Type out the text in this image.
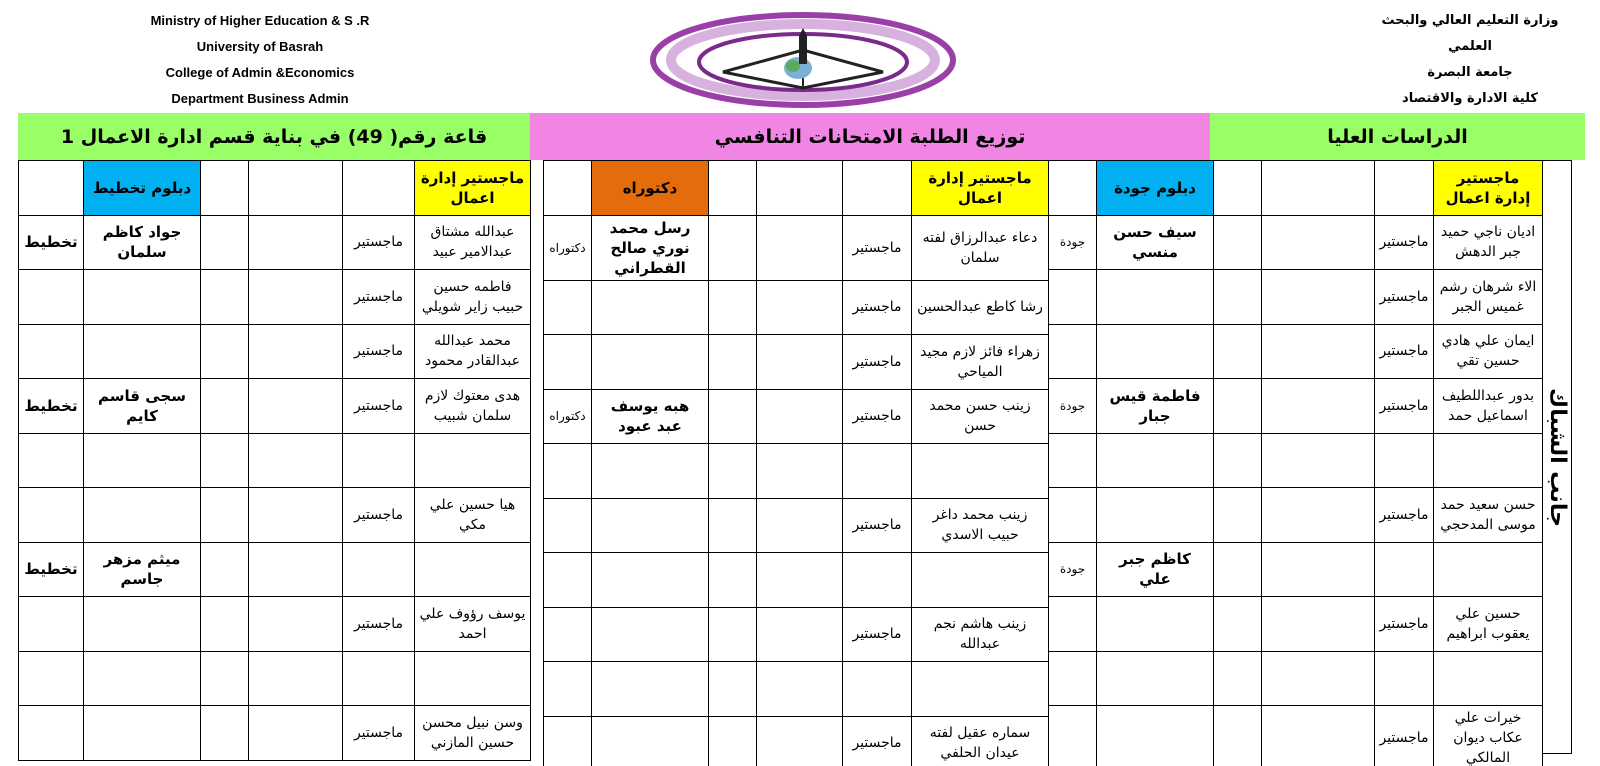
Ministry of Higher Education & S .R
University of Basrah
College of Admin &Economics
Department Business Admin
وزارة التعليم العالي والبحث العلمي
جامعة البصرة
كلية الادارة والاقتصاد
قاعة رقم( 49) في بناية قسم ادارة الاعمال 1	توزيع الطلبة الامتحانات التنافسي	الدراسات العليا
	دبلوم تخطيط				ماجستير إدارة اعمال
تخطيط	جواد كاظم سلمان			ماجستير	عبدالله مشتاق عبدالامير عبيد
				ماجستير	فاطمه حسين حبيب زاير شويلي
				ماجستير	محمد عبدالله عبدالقادر محمود
تخطيط	سجى قاسم كايم			ماجستير	هدى معتوك لازم سلمان شبيب

				ماجستير	هيا حسين علي مكي
تخطيط	ميثم مزهر جاسم				
				ماجستير	يوسف رؤوف علي احمد

				ماجستير	وسن نبيل محسن حسين المازني
	دكتوراه				ماجستير إدارة اعمال
دكتوراه	رسل محمد نوري صالح القطراني			ماجستير	دعاء عبدالرزاق لفته سلمان
				ماجستير	رشا كاطع عبدالحسين
				ماجستير	زهراء فائز لازم مجيد المياحي
دكتوراه	هبه يوسف عبد عبود			ماجستير	زينب حسن محمد حسن

				ماجستير	زينب محمد داغر حبيب الاسدي

				ماجستير	زينب هاشم نجم عبدالله

				ماجستير	سماره عقيل لفته عيدان الحلفي
	دبلوم جودة				ماجستير إدارة اعمال
جودة	سيف حسن منسي			ماجستير	اديان ناجي حميد جبر الدهش
				ماجستير	الاء شرهان رشم غميس الجبر
				ماجستير	ايمان علي هادي حسين تقي
جودة	فاطمة قيس جبار			ماجستير	بدور عبداللطيف اسماعيل حمد

				ماجستير	حسن سعيد حمد موسى المدحجي
جودة	كاظم جبر علي				
				ماجستير	حسين علي يعقوب ابراهيم

				ماجستير	خيرات علي عكاب ديوان المالكي
جانب الشباك
